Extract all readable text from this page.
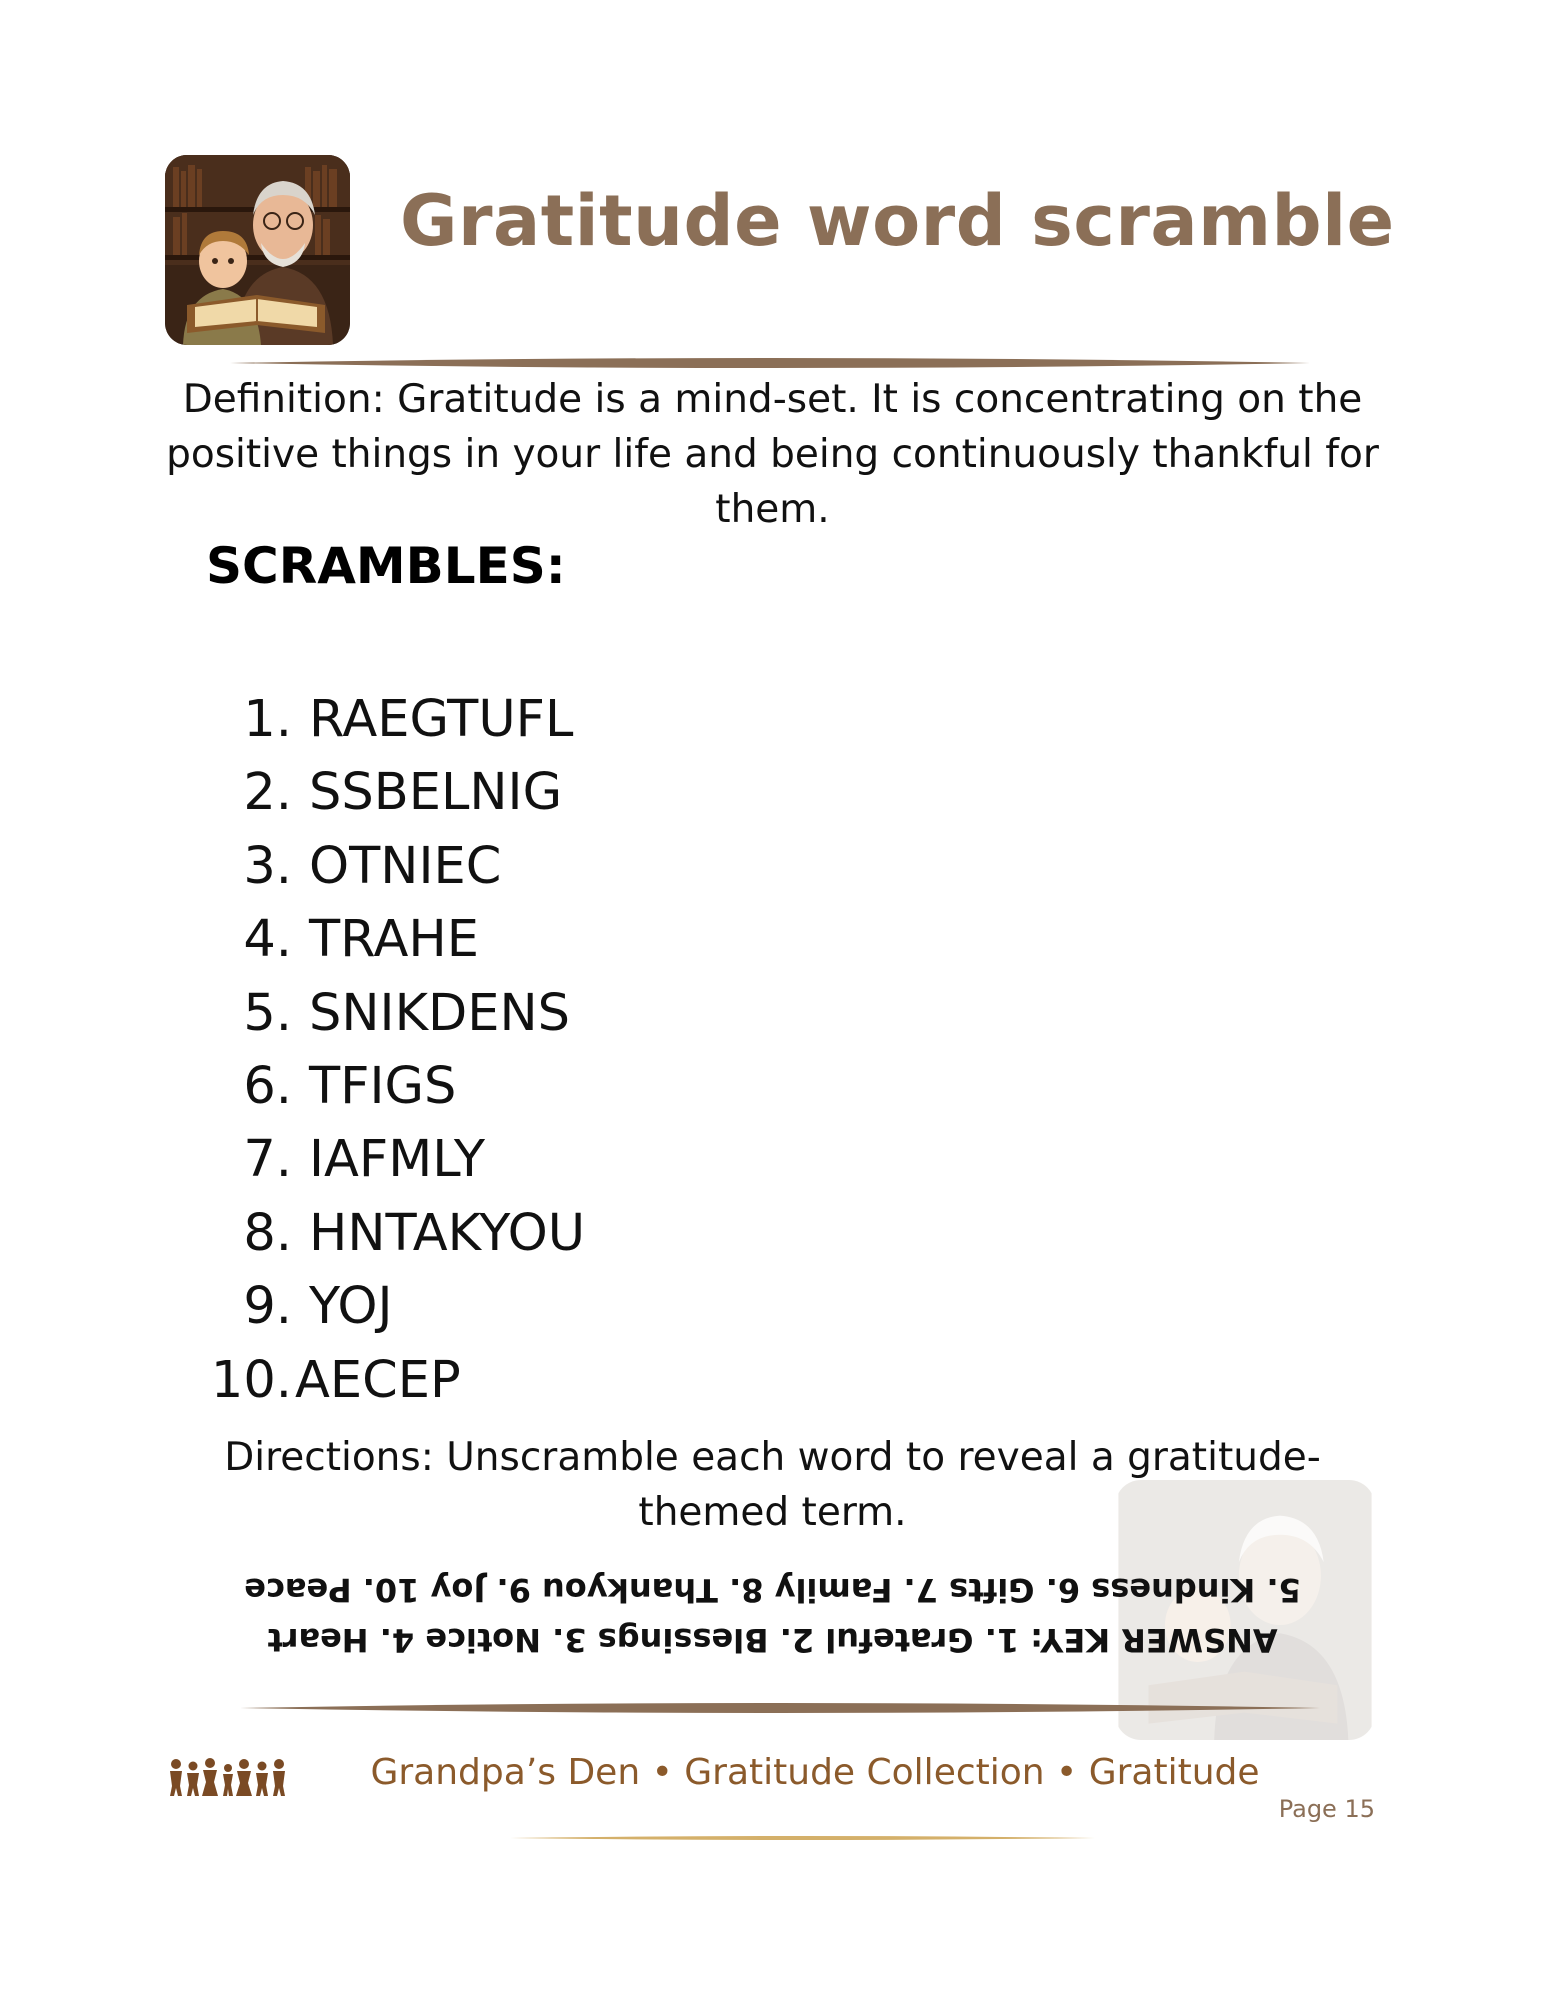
Gratitude word scramble
Definition: Gratitude is a mind-set. It is concentrating on the positive things in your life and being continuously thankful for them.
SCRAMBLES:
1. RAEGTUFL
2. SSBELNIG
3. OTNIEC
4. TRAHE
5. SNIKDENS
6. TFIGS
7. IAFMLY
8. HNTAKYOU
9. YOJ
10. AECEP
Directions: Unscramble each word to reveal a gratitude-themed term.
ANSWER KEY: 1. Grateful 2. Blessings 3. Notice 4. Heart
5. Kindness 6. Gifts 7. Family 8. Thankyou 9. Joy 10. Peace
Grandpa’s Den • Gratitude Collection • Gratitude
Page 15
